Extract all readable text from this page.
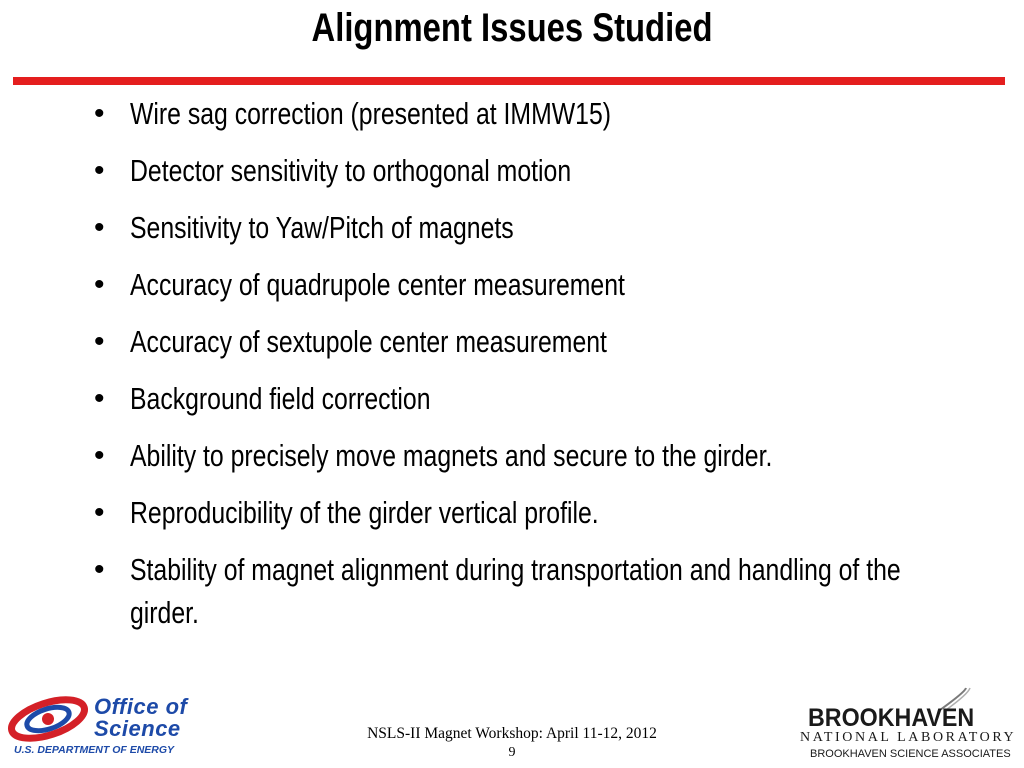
Alignment Issues Studied
• Wire sag correction (presented at IMMW15)
• Detector sensitivity to orthogonal motion
• Sensitivity to Yaw/Pitch of magnets
• Accuracy of quadrupole center measurement
• Accuracy of sextupole center measurement
• Background field correction
• Ability to precisely move magnets and secure to the girder.
• Reproducibility of the girder vertical profile.
• Stability of magnet alignment during transportation and handling of the girder.
Office of
Science
U.S. DEPARTMENT OF ENERGY
NSLS-II Magnet Workshop: April 11-12, 2012
9
BROOKHAVEN
NATIONAL LABORATORY
BROOKHAVEN SCIENCE ASSOCIATES
